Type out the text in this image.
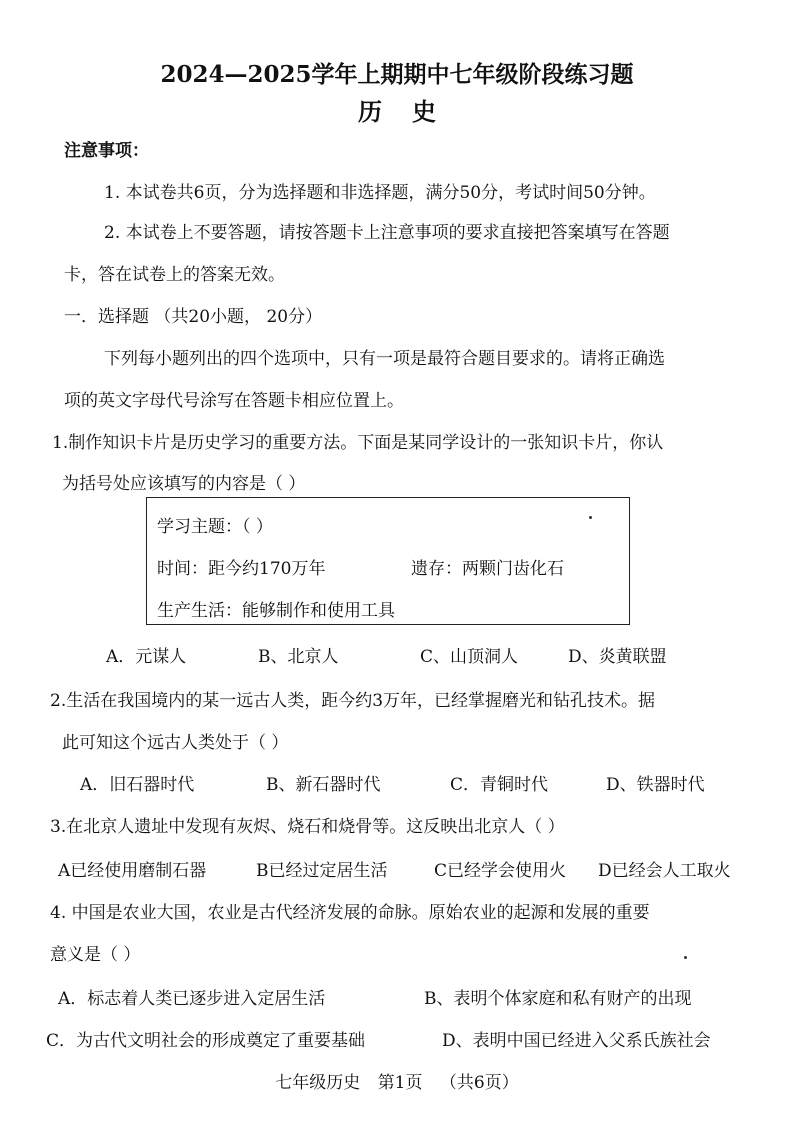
2024—2025学年上期期中七年级阶段练习题
历史
注意事项：
1. 本试卷共6页，分为选择题和非选择题，满分50分，考试时间50分钟。
2. 本试卷上不要答题，请按答题卡上注意事项的要求直接把答案填写在答题
卡，答在试卷上的答案无效。
一．选择题 （共20小题， 20分）
下列每小题列出的四个选项中，只有一项是最符合题目要求的。请将正确选
项的英文字母代号涂写在答题卡相应位置上。
1.制作知识卡片是历史学习的重要方法。下面是某同学设计的一张知识卡片，你认
为括号处应该填写的内容是（ ）
学习主题：（ ）
时间：距今约170万年	遗存：两颗门齿化石
生产生活：能够制作和使用工具
A．元谋人	B、北京人	C、山顶洞人	D、炎黄联盟
2.生活在我国境内的某一远古人类，距今约3万年，已经掌握磨光和钻孔技术。据
此可知这个远古人类处于（ ）
A．旧石器时代	B、新石器时代	C．青铜时代	D、铁器时代
3.在北京人遗址中发现有灰烬、烧石和烧骨等。这反映出北京人（ ）
A已经使用磨制石器	B已经过定居生活	C已经学会使用火 D已经会人工取火
4. 中国是农业大国，农业是古代经济发展的命脉。原始农业的起源和发展的重要
意义是（ ）
A．标志着人类已逐步进入定居生活	B、表明个体家庭和私有财产的出现
C．为古代文明社会的形成奠定了重要基础	D、表明中国已经进入父系氏族社会
七年级历史 第1页 （共6页）
